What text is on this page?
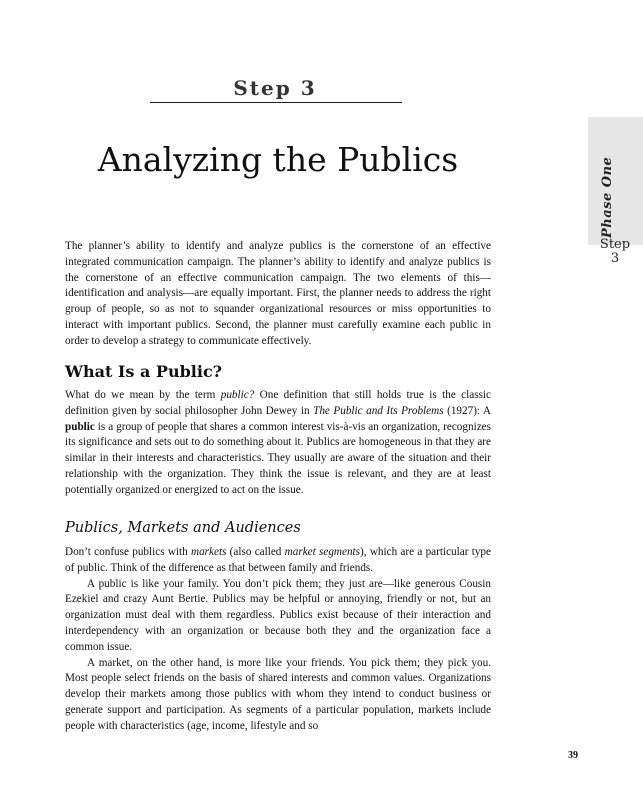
Step 3
Analyzing the Publics	Phase One
Step
3

The planner’s ability to identify and analyze publics is the cornerstone of an effective integrated communication campaign. The planner’s ability to identify and analyze publics is the cornerstone of an effective communication campaign. The two elements of this—identification and analysis—are equally important. First, the planner needs to address the right group of people, so as not to squander organizational resources or miss opportunities to interact with important publics. Second, the planner must carefully examine each public in order to develop a strategy to communicate effectively.

What Is a Public?

What do we mean by the term public? One definition that still holds true is the classic definition given by social philosopher John Dewey in The Public and Its Problems (1927): A public is a group of people that shares a common interest vis-à-vis an organization, recognizes its significance and sets out to do something about it. Publics are homogeneous in that they are similar in their interests and characteristics. They usually are aware of the situation and their relationship with the organization. They think the issue is relevant, and they are at least potentially organized or energized to act on the issue.

Publics, Markets and Audiences

Don’t confuse publics with markets (also called market segments), which are a particular type of public. Think of the difference as that between family and friends.

A public is like your family. You don’t pick them; they just are—like generous Cousin Ezekiel and crazy Aunt Bertie. Publics may be helpful or annoying, friendly or not, but an organization must deal with them regardless. Publics exist because of their interaction and interdependency with an organization or because both they and the organization face a common issue.

A market, on the other hand, is more like your friends. You pick them; they pick you. Most people select friends on the basis of shared interests and common values. Organizations develop their markets among those publics with whom they intend to conduct business or generate support and participation. As segments of a particular population, markets include people with characteristics (age, income, lifestyle and so

39
